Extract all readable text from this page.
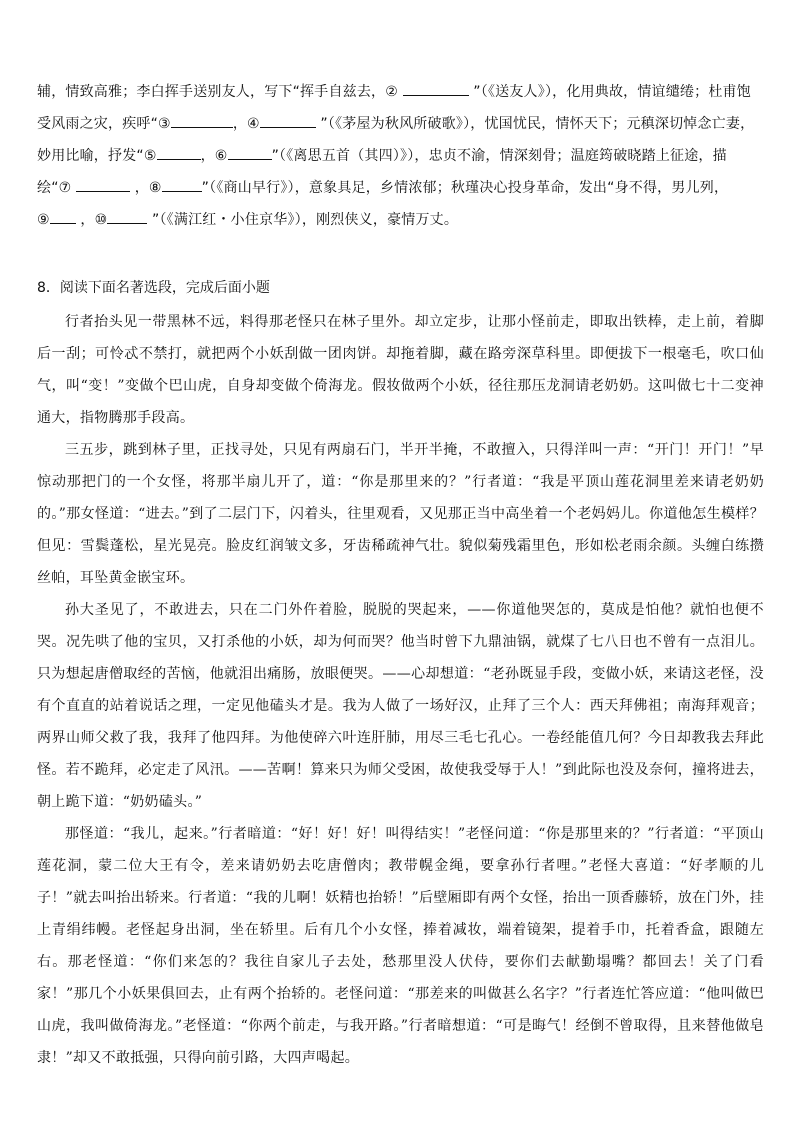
辅，情致高雅；李白挥手送别友人，写下“挥手自兹去，②	”（《送友人》），化用典故，情谊缱绻；杜甫饱
受风雨之灾，疾呼“③	，④	”（《茅屋为秋风所破歌》），忧国忧民，情怀天下；元稹深切悼念亡妻，
妙用比喻，抒发“⑤	，⑥	”（《离思五首（其四）》），忠贞不渝，情深刻骨；温庭筠破晓踏上征途，描
绘“⑦	，⑧	”（《商山早行》），意象具足，乡情浓郁；秋瑾决心投身革命，发出“身不得，男儿列，
⑨ ，⑩	”（《满江红・小住京华》），刚烈侠义，豪情万丈。
8．阅读下面名著选段，完成后面小题

行者抬头见一带黑林不远，料得那老怪只在林子里外。却立定步，让那小怪前走，即取出铁棒，走上前，着脚后一刮；可怜忒不禁打，就把两个小妖刮做一团肉饼。却拖着脚，藏在路旁深草科里。即便拔下一根毫毛，吹口仙气，叫“变！”变做个巴山虎，自身却变做个倚海龙。假妆做两个小妖，径往那压龙洞请老奶奶。这叫做七十二变神通大，指物腾那手段高。

三五步，跳到林子里，正找寻处，只见有两扇石门，半开半掩，不敢擅入，只得洋叫一声：“开门！开门！”早惊动那把门的一个女怪，将那半扇儿开了，道：“你是那里来的？”行者道：“我是平顶山莲花洞里差来请老奶奶的。”那女怪道：“进去。”到了二层门下，闪着头，往里观看，又见那正当中高坐着一个老妈妈儿。你道他怎生模样？但见：雪鬓蓬松，星光晃亮。脸皮红润皱文多，牙齿稀疏神气壮。貌似菊残霜里色，形如松老雨余颜。头缠白练攒丝帕，耳坠黄金嵌宝环。

孙大圣见了，不敢进去，只在二门外仵着脸，脱脱的哭起来，——你道他哭怎的，莫成是怕他？就怕也便不哭。况先哄了他的宝贝，又打杀他的小妖，却为何而哭？他当时曾下九鼎油锅，就煤了七八日也不曾有一点泪儿。只为想起唐僧取经的苦恼，他就泪出痛肠，放眼便哭。——心却想道：“老孙既显手段，变做小妖，来请这老怪，没有个直直的站着说话之理，一定见他磕头才是。我为人做了一场好汉，止拜了三个人：西天拜佛祖；南海拜观音；两界山师父救了我，我拜了他四拜。为他使碎六叶连肝肺，用尽三毛七孔心。一卷经能值几何？今日却教我去拜此怪。若不跪拜，必定走了风汛。——苦啊！算来只为师父受困，故使我受辱于人！”到此际也没及奈何，撞将进去，朝上跪下道：“奶奶磕头。”

那怪道：“我儿，起来。”行者暗道：“好！好！好！叫得结实！”老怪问道：“你是那里来的？”行者道：“平顶山莲花洞，蒙二位大王有令，差来请奶奶去吃唐僧肉；教带幌金绳，要拿孙行者哩。”老怪大喜道：“好孝顺的儿子！”就去叫抬出轿来。行者道：“我的儿啊！妖精也抬轿！”后壁厢即有两个女怪，抬出一顶香藤轿，放在门外，挂上青绢纬幔。老怪起身出洞，坐在轿里。后有几个小女怪，捧着减妆，端着镜架，提着手巾，托着香盒，跟随左右。那老怪道：“你们来怎的？我往自家儿子去处，愁那里没人伏侍，要你们去献勤塌嘴？都回去！关了门看家！”那几个小妖果俱回去，止有两个抬轿的。老怪问道：“那差来的叫做甚么名字？”行者连忙答应道：“他叫做巴山虎，我叫做倚海龙。”老怪道：“你两个前走，与我开路。”行者暗想道：“可是晦气！经倒不曾取得，且来替他做皂隶！”却又不敢抵强，只得向前引路，大四声喝起。
